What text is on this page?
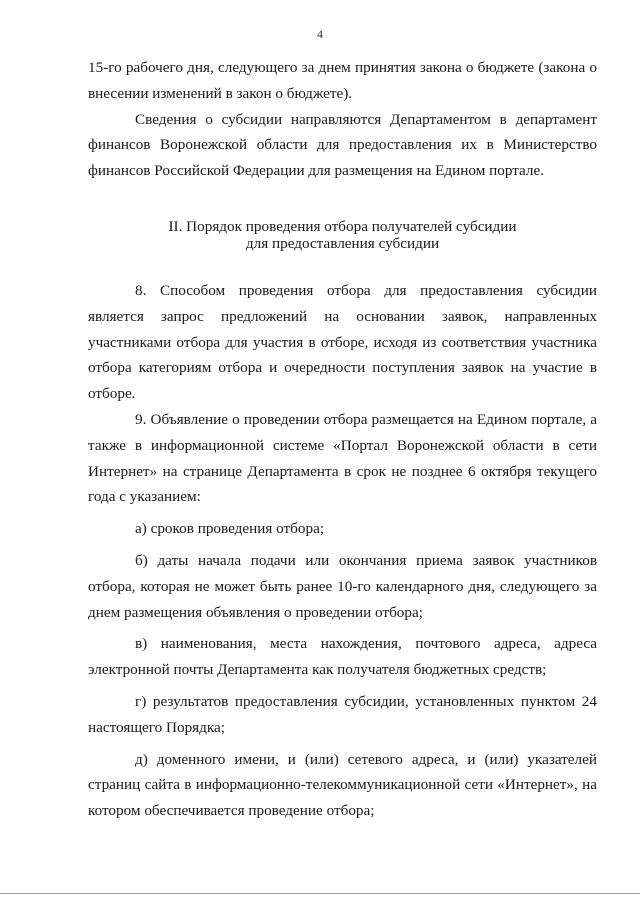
4

15-го рабочего дня, следующего за днем принятия закона о бюджете (закона о внесении изменений в закон о бюджете).

Сведения о субсидии направляются Департаментом в департамент финансов Воронежской области для предоставления их в Министерство финансов Российской Федерации для размещения на Едином портале.

II. Порядок проведения отбора получателей субсидии
для предоставления субсидии

8. Способом проведения отбора для предоставления субсидии является запрос предложений на основании заявок, направленных участниками отбора для участия в отборе, исходя из соответствия участника отбора категориям отбора и очередности поступления заявок на участие в отборе.

9. Объявление о проведении отбора размещается на Едином портале, а также в информационной системе «Портал Воронежской области в сети Интернет» на странице Департамента в срок не позднее 6 октября текущего года с указанием:

а) сроков проведения отбора;

б) даты начала подачи или окончания приема заявок участников отбора, которая не может быть ранее 10-го календарного дня, следующего за днем размещения объявления о проведении отбора;

в) наименования, места нахождения, почтового адреса, адреса электронной почты Департамента как получателя бюджетных средств;

г) результатов предоставления субсидии, установленных пунктом 24 настоящего Порядка;

д) доменного имени, и (или) сетевого адреса, и (или) указателей страниц сайта в информационно-телекоммуникационной сети «Интернет», на котором обеспечивается проведение отбора;
